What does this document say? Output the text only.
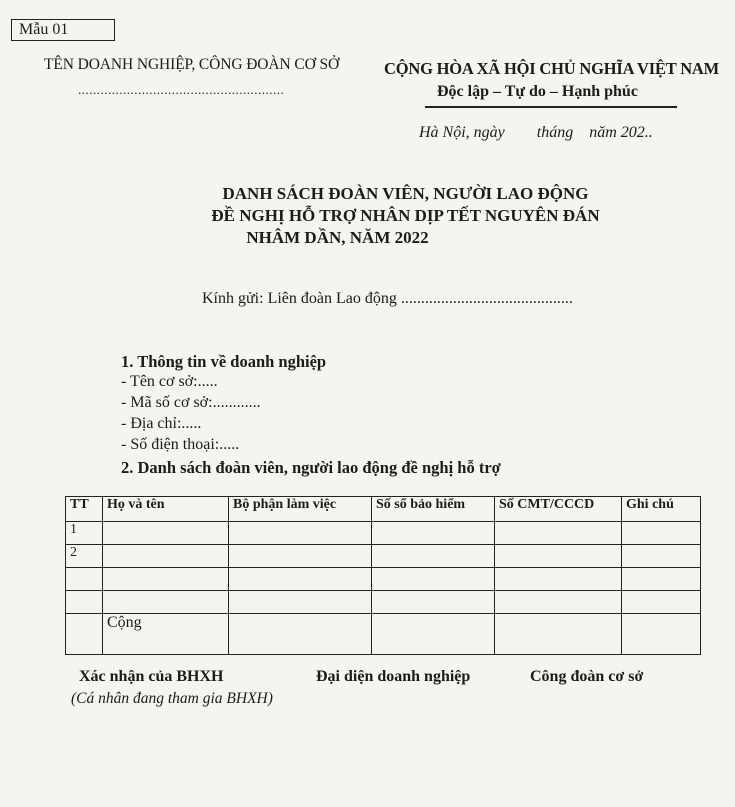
Mẫu 01
TÊN DOANH NGHIỆP, CÔNG ĐOÀN CƠ SỞ
.......................................................
CỘNG HÒA XÃ HỘI CHỦ NGHĨA VIỆT NAM
Độc lập – Tự do – Hạnh phúc
Hà Nội, ngày        tháng    năm 202..
DANH SÁCH ĐOÀN VIÊN, NGƯỜI LAO ĐỘNG
ĐỀ NGHỊ HỖ TRỢ NHÂN DỊP TẾT NGUYÊN ĐÁN
NHÂM DẦN, NĂM 2022
Kính gửi: Liên đoàn Lao động ...........................................
1. Thông tin về doanh nghiệp
- Tên cơ sở:.....
- Mã số cơ sở:............
- Địa chỉ:.....
- Số điện thoại:.....
2. Danh sách đoàn viên, người lao động đề nghị hỗ trợ
TT	Họ và tên	Bộ phận làm việc	Số sổ bảo hiểm	Số CMT/CCCD	Ghi chú
1					
2					

	Cộng				
Xác nhận của BHXH	Đại diện doanh nghiệp	Công đoàn cơ sở
(Cá nhân đang tham gia BHXH)
